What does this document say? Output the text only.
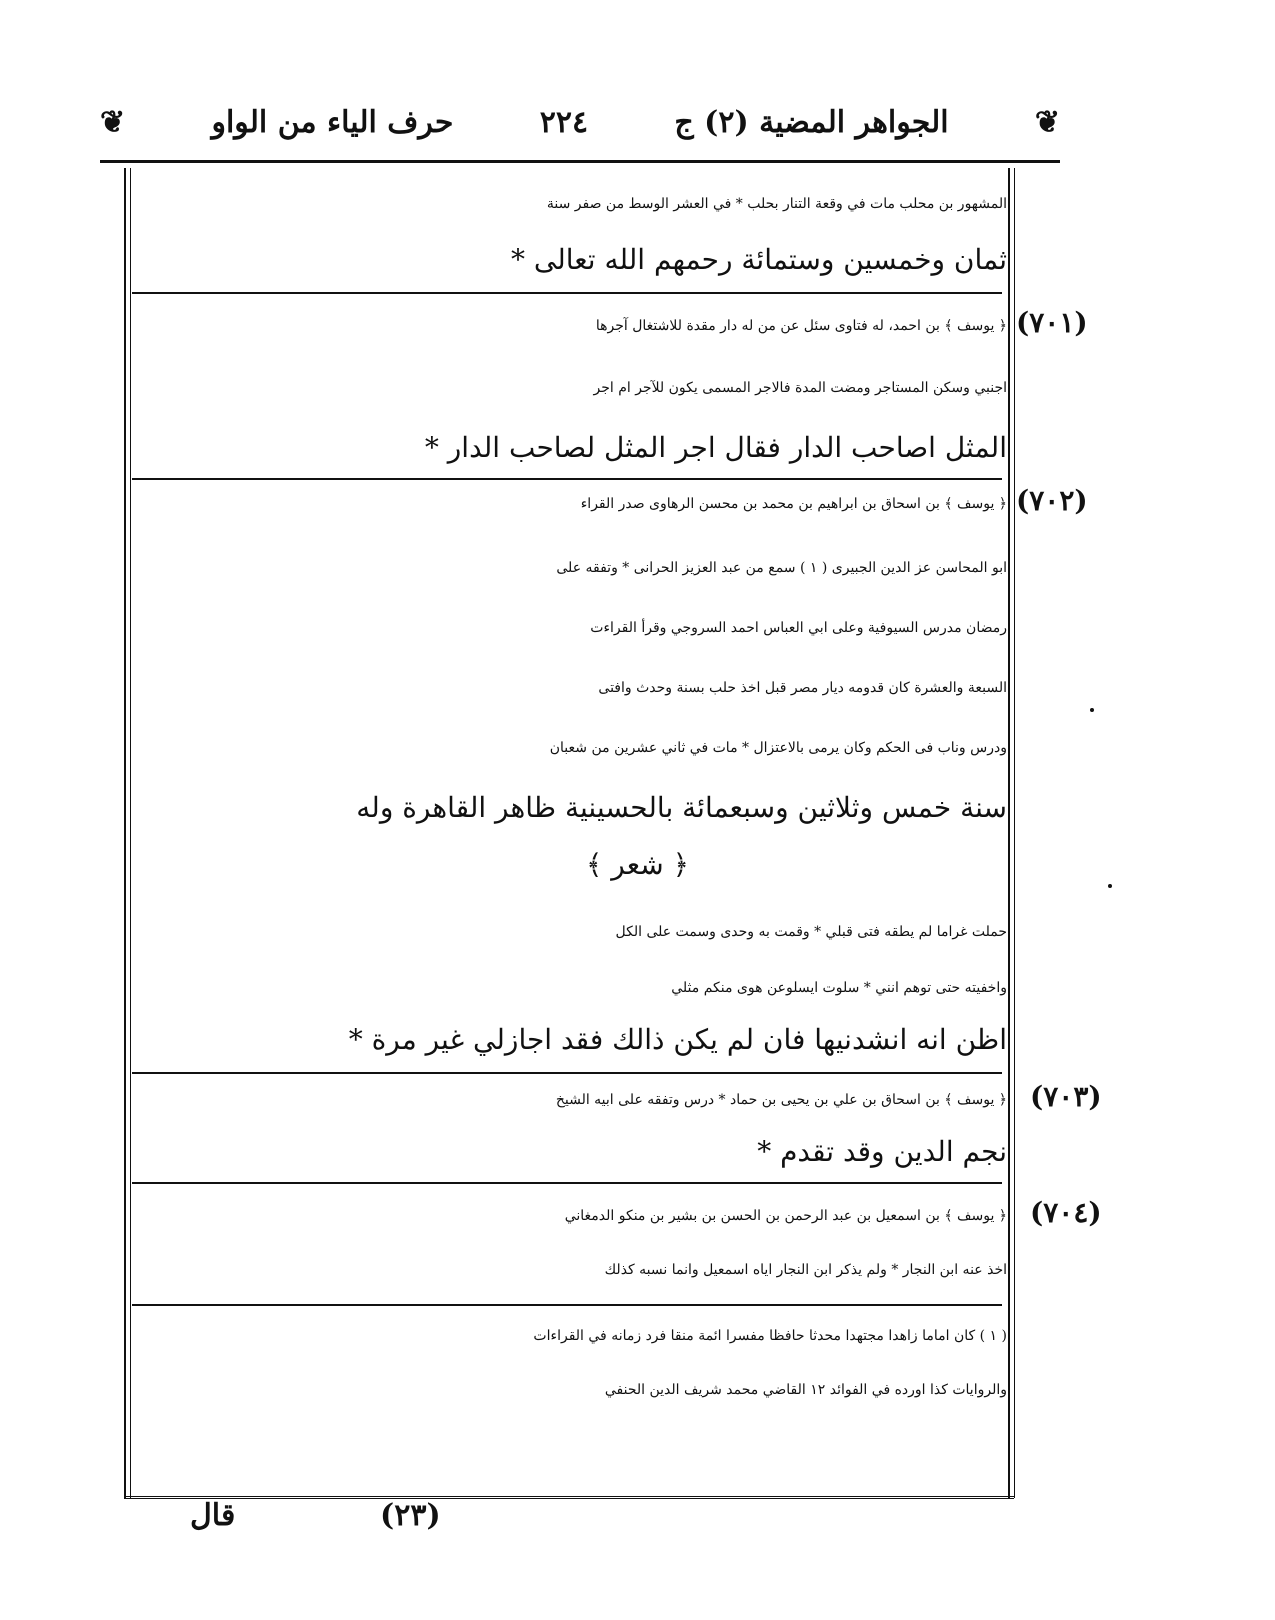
❦
الجواهر المضية (٢) ج
٢٢٤
حرف الياء من الواو
❦
المشهور بن محلب مات في وقعة التنار بحلب * في العشر الوسط من صفر سنة
ثمان وخمسين وستمائة رحمهم الله تعالى *
(٧٠١)
﴿ يوسف ﴾ بن احمد، له فتاوى سئل عن من له دار مقدة للاشتغال آجرها
اجنبي وسكن المستاجر ومضت المدة فالاجر المسمى يكون للآجر ام اجر
المثل اصاحب الدار فقال اجر المثل لصاحب الدار *
(٧٠٢)
﴿ يوسف ﴾ بن اسحاق بن ابراهيم بن محمد بن محسن الرهاوى صدر القراء
ابو المحاسن عز الدين الجبيرى ( ١ ) سمع من عبد العزيز الحرانى * وتفقه على
رمضان مدرس السيوفية وعلى ابي العباس احمد السروجي وقرأ القراءت
السبعة والعشرة كان قدومه ديار مصر قبل اخذ حلب بسنة وحدث وافتى
ودرس وناب فى الحكم وكان يرمى بالاعتزال * مات في ثاني عشرين من شعبان
سنة خمس وثلاثين وسبعمائة بالحسينية ظاهر القاهرة وله
﴿ شعر ﴾
حملت غراما لم يطقه فتى قبلي * وقمت به وحدى وسمت على الكل
واخفيته حتى توهم انني * سلوت ايسلوعن هوى منكم مثلي
اظن انه انشدنيها فان لم يكن ذالك فقد اجازلي غير مرة *
(٧٠٣)
﴿ يوسف ﴾ بن اسحاق بن علي بن يحيى بن حماد * درس وتفقه على ابيه الشيخ
نجم الدين وقد تقدم *
(٧٠٤)
﴿ يوسف ﴾ بن اسمعيل بن عبد الرحمن بن الحسن بن بشير بن منكو الدمغاني
اخذ عنه ابن النجار * ولم يذكر ابن النجار اياه اسمعيل وانما نسبه كذلك
( ١ ) كان اماما زاهدا مجتهدا محدثا حافظا مفسرا ائمة منقا فرد زمانه في القراءات
والروايات كذا اورده في الفوائد ١٢ القاضي محمد شريف الدين الحنفي
(٢٣)
قال
